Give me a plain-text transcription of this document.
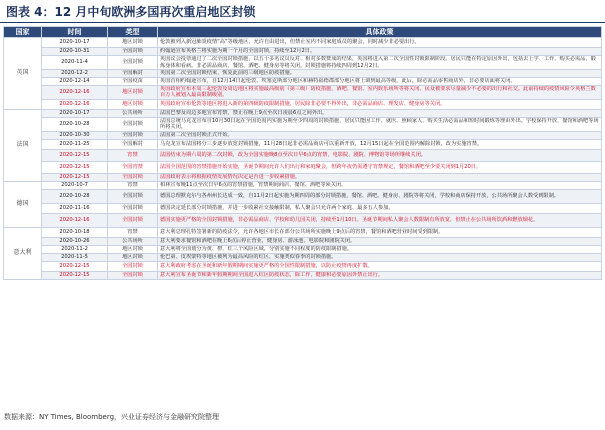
图表 4：12 月中旬欧洲多国再次重启地区封锁
国家	时间	类型	具体政策
英国	2020-10-17	地区封锁	伦敦被列入新冠肺炎疫情“高”等级地区，允许自由进出，但禁止室内不同家庭成员的聚会，同时减少非必要出行。
	2020-10-31	全国封锁	约翰逊宣布英格兰将实施为期一个月的全国封锁，持续至12月2日。
	2020-11-4	全国封锁	英国议会投票通过了二次全国封锁措施，以五十多名议员反对、相对多数赞成的结果，英国将进入第二次全国性封锁限制阶段。居民只能在特定原因外出，包括去上学、工作、购买必需品、锻炼身体和看病。非必需品商店、餐馆、酒吧、健身房等将关闭。封锁措施将持续四周到12月2日。
	2020-12-2	全国解封	英国第二次全国封锁结束，恢复此前的三级地区防疫措施。
	2020-12-14	全国疫苗	英国首相约翰逊宣布，自12月14日起伦敦、埃塞克斯部分地区和赫特福德郡部分地区将上调到最高等级。此后，除必需品零售商店外，非必要店面将关闭。
	2020-12-16	地区封锁	英国政府宣布本周三起伦敦及周边地区将实施最高级别（第三级）防疫措施，酒吧、餐馆、室内娱乐场所等将关闭，民众被要求尽量减少不必要的出行和社交。此前持续的疫情风险令英格兰数百万人被划入最高限制级别。
	2020-12-16	地区封锁	英国政府宣布伦敦等地区将进入新的第四级防疫限制措施，居民除非必要不得外出，非必需品商店、理发店、健身房等关闭。
法国	2020-10-17	公共场所	法国巴黎及周边多地宣布宵禁，禁止在晚上9点至次日凌晨6点之间外出。
	2020-10-28	全国封锁	法国总统马克龙宣布自10月30日起在全国范围内实施为期至少四周的封锁措施，居民只能因工作、就医、照顾家人、购买生活必需品和短时间锻炼等理由外出。学校保持开放，餐馆和酒吧等场所将关闭。
	2020-10-30	全国封锁	法国第二次全国封锁正式开始。
	2020-11-25	全国解封	马克龙宣布法国将分三步逐步放宽封锁措施，11月28日起非必需品商店可以重新开放，12月15日起在全国范围内解除封锁，改为实施宵禁。
	2020-12-15	宵禁	法国结束为期六周的第二次封锁，改为全国实施晚8点至次日早6点的宵禁，电影院、剧院、博物馆等场所继续关闭。
	2020-12-15	全国宵禁	法国全国范围的宵禁措施开始实施，圣诞节期间允许人们出行和家庭聚会，但跨年夜仍需遵守宵禁规定，餐馆和酒吧至少要关闭到1月20日。
	2020-12-15	全国封锁	法国政府表示将根据疫情发展情况决定是否进一步收紧措施。
德国	2020-10-7	宵禁	柏林宣布晚11点至次日早6点的宵禁措施，宵禁期间商店、餐馆、酒吧等须关闭。
	2020-10-28	全国封锁	德国总理默克尔与各州州长达成一致，自11月2日起实施为期四周的部分封锁措施，餐馆、酒吧、健身房、剧院等将关闭，学校和商店保持开放，公共场所聚会人数受到限制。
	2020-11-16	全国封锁	德国决定延长部分封锁措施，并进一步收紧社交接触限制，私人聚会只允许两个家庭、最多五人参加。
	2020-12-16	全国封锁	德国实施更严格的全国封锁措施，非必需品商店、学校和幼儿园关闭，持续至1月10日。圣诞节期间私人聚会人数限制有所放宽，但禁止在公共场所饮酒和燃放烟花。
意大利	2020-10-18	宵禁	意大利总理孔特签署新的防疫法令，允许各地区市长在部分公共场所实施晚上9点后的宵禁，餐馆和酒吧营业时间受到限制。
	2020-10-26	公共场所	意大利要求餐馆和酒吧在晚上6点后停止营业，健身房、游泳池、电影院和剧院关闭。
	2020-11-2	地区封锁	意大利将全国划分为黄、橙、红三个风险区域，分别实施不同程度的防疫限制措施。
	2020-11-5	地区封锁	伦巴第、皮埃蒙特等地区被列为最高风险的红区，实施类似春季的封锁措施。
	2020-12-15	全国封锁	意大利政府考虑在圣诞和新年假期期间实施更严格的全国性限制措施，以防止疫情再度扩散。
	2020-12-15	全国封锁	意大利宣布圣诞节和新年假期期间全国进入红区防疫状态，除工作、健康和必要原因外禁止出行。
数据来源：NY Times, Bloomberg，兴业证券经济与金融研究院整理
